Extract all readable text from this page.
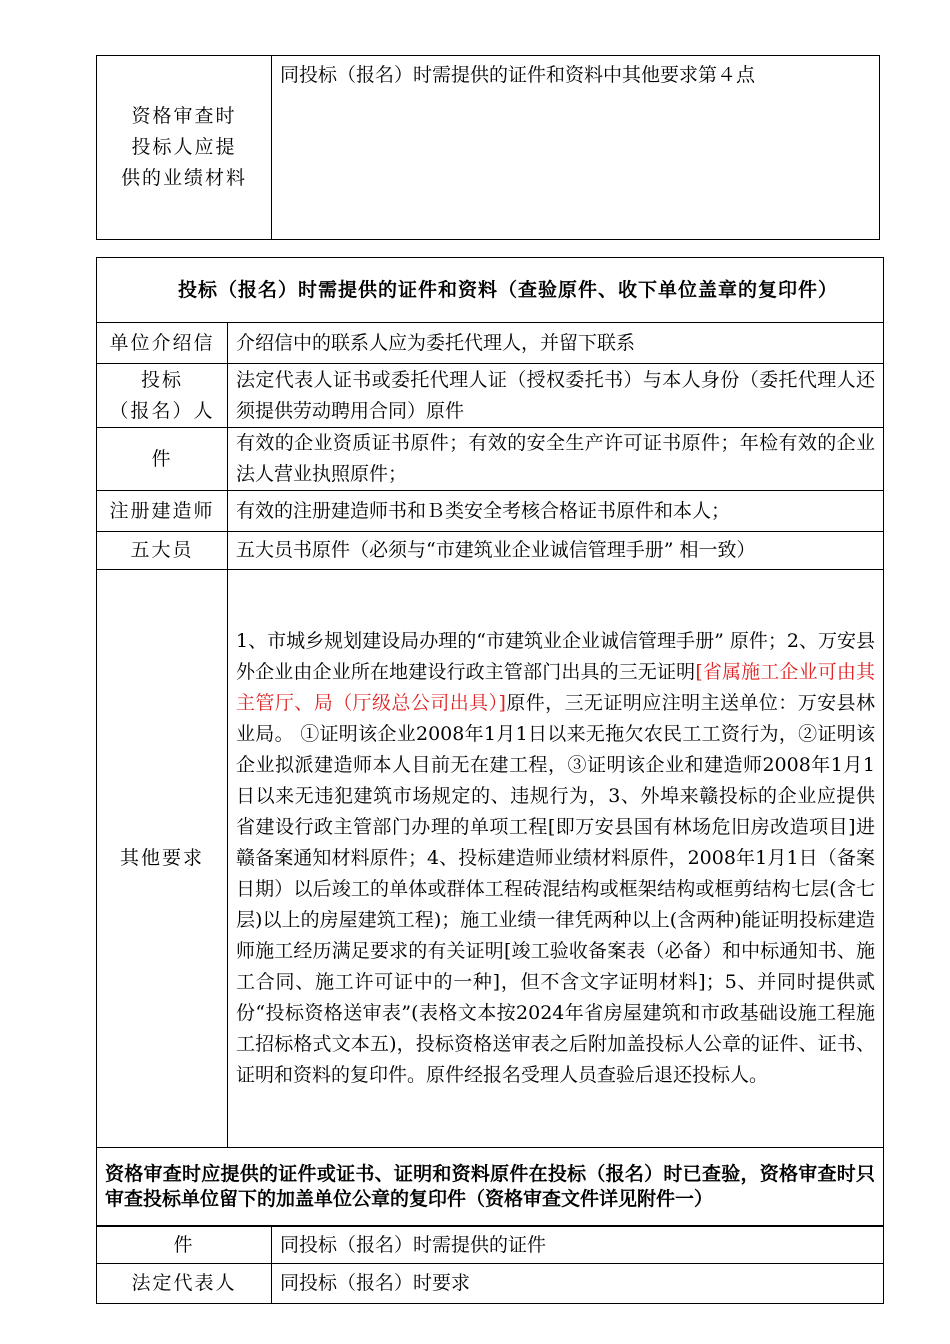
资格审查时
投标人应提
供的业绩材料
	同投标（报名）时需提供的证件和资料中其他要求第４点
投标（报名）时需提供的证件和资料（查验原件、收下单位盖章的复印件）	
单位介绍信	介绍信中的联系人应为委托代理人，并留下联系

投标
（报名）人	法定代表人证书或委托代理人证（授权委托书）与本人身份（委托代理人还须提供劳动聘用合同）原件
件	有效的企业资质证书原件；有效的安全生产许可证书原件；年检有效的企业法人营业执照原件；
注册建造师	有效的注册建造师书和Ｂ类安全考核合格证书原件和本人；
五大员	五大员书原件（必须与“市建筑业企业诚信管理手册” 相一致）
其他要求	1、市城乡规划建设局办理的“市建筑业企业诚信管理手册” 原件；2、万安县外企业由企业所在地建设行政主管部门出具的三无证明[省属施工企业可由其主管厅、局（厅级总公司出具）]原件，三无证明应注明主送单位：万安县林业局。 ①证明该企业2008年1月1日以来无拖欠农民工工资行为，②证明该企业拟派建造师本人目前无在建工程，③证明该企业和建造师2008年1月1日以来无违犯建筑市场规定的、违规行为，3、外埠来赣投标的企业应提供省建设行政主管部门办理的单项工程[即万安县国有林场危旧房改造项目]进赣备案通知材料原件；4、投标建造师业绩材料原件，2008年1月1日（备案日期）以后竣工的单体或群体工程砖混结构或框架结构或框剪结构七层(含七层)以上的房屋建筑工程)；施工业绩一律凭两种以上(含两种)能证明投标建造师施工经历满足要求的有关证明[竣工验收备案表（必备）和中标通知书、施工合同、施工许可证中的一种]，但不含文字证明材料]；5、并同时提供贰份“投标资格送审表”(表格文本按2024年省房屋建筑和市政基础设施工程施工招标格式文本五)，投标资格送审表之后附加盖投标人公章的证件、证书、证明和资料的复印件。原件经报名受理人员查验后退还投标人。
资格审查时应提供的证件或证书、证明和资料原件在投标（报名）时已查验，资格审查时只审查投标单位留下的加盖单位公章的复印件（资格审查文件详见附件一）	
件	同投标（报名）时需提供的证件
法定代表人	同投标（报名）时要求
